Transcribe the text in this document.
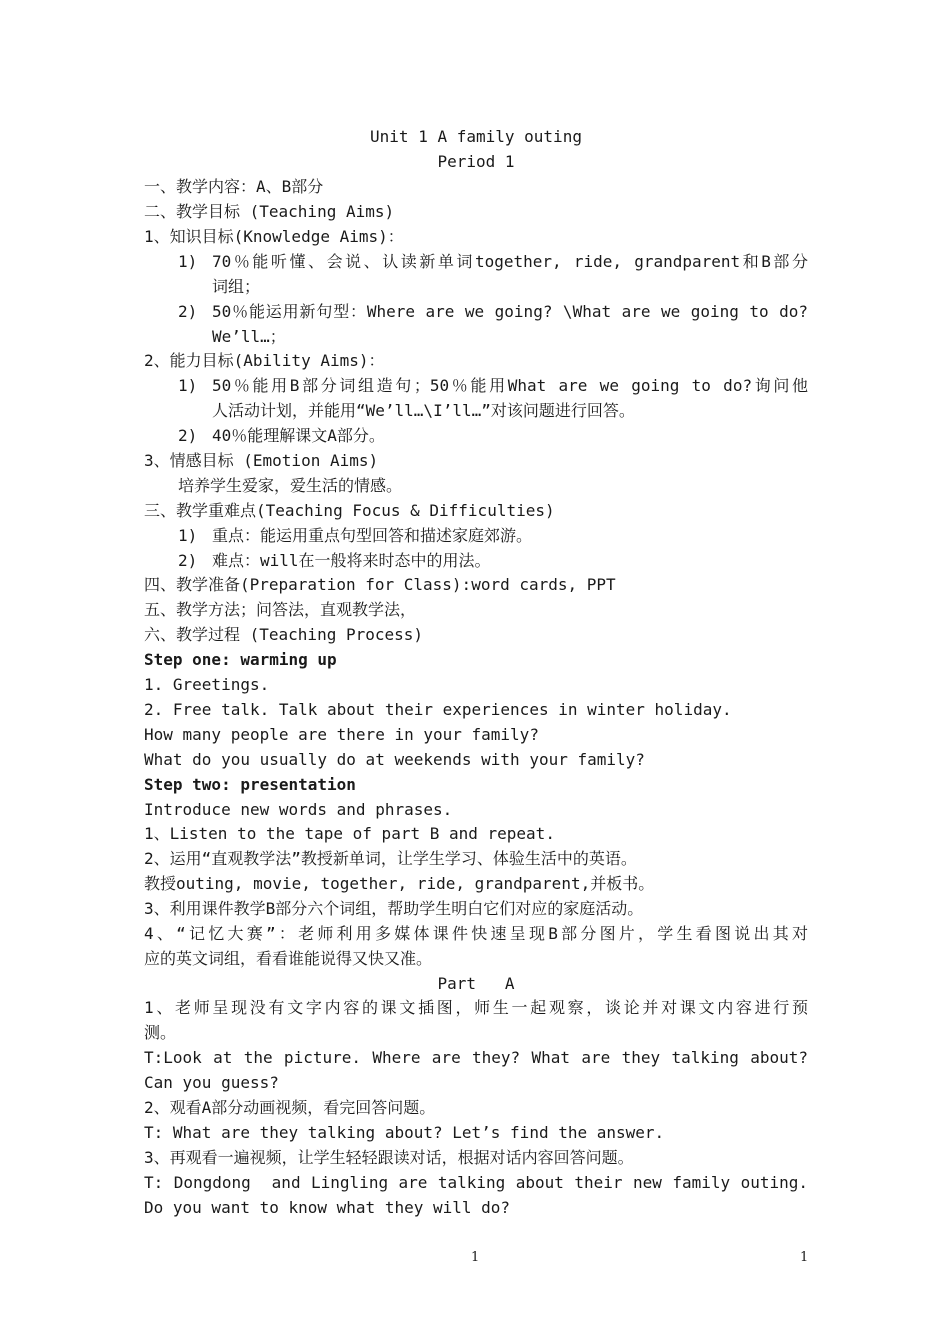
Unit 1 A family outing
Period 1
一、教学内容：A、B部分
二、教学目标 (Teaching Aims)
1、知识目标(Knowledge Aims)：
1) 70％能听懂、会说、认读新单词together, ride, grandparent和B部分
词组；
2) 50％能运用新句型：Where are we going? \What are we going to do?
We’ll…；
2、能力目标(Ability Aims)：
1) 50％能用B部分词组造句；50％能用What are we going to do?询问他
人活动计划，并能用“We’ll…\I’ll…”对该问题进行回答。
2) 40％能理解课文A部分。
3、情感目标 (Emotion Aims)
培养学生爱家，爱生活的情感。
三、教学重难点(Teaching Focus & Difficulties)
1) 重点：能运用重点句型回答和描述家庭郊游。
2) 难点：will在一般将来时态中的用法。
四、教学准备(Preparation for Class):word cards, PPT
五、教学方法；问答法，直观教学法，
六、教学过程 (Teaching Process)
Step one: warming up
1. Greetings.
2. Free talk. Talk about their experiences in winter holiday.
How many people are there in your family?
What do you usually do at weekends with your family?
Step two: presentation
Introduce new words and phrases.
1、Listen to the tape of part B and repeat.
2、运用“直观教学法”教授新单词，让学生学习、体验生活中的英语。
教授outing, movie, together, ride, grandparent,并板书。
3、利用课件教学B部分六个词组，帮助学生明白它们对应的家庭活动。
4、“记忆大赛”：老师利用多媒体课件快速呈现B部分图片，学生看图说出其对
应的英文词组，看看谁能说得又快又准。
Part   A
1、老师呈现没有文字内容的课文插图，师生一起观察，谈论并对课文内容进行预
测。
T:Look at the picture. Where are they? What are they talking about?
Can you guess?
2、观看A部分动画视频，看完回答问题。
T: What are they talking about? Let’s find the answer.
3、再观看一遍视频，让学生轻轻跟读对话，根据对话内容回答问题。
T: Dongdong  and Lingling are talking about their new family outing.
Do you want to know what they will do?
1	1
